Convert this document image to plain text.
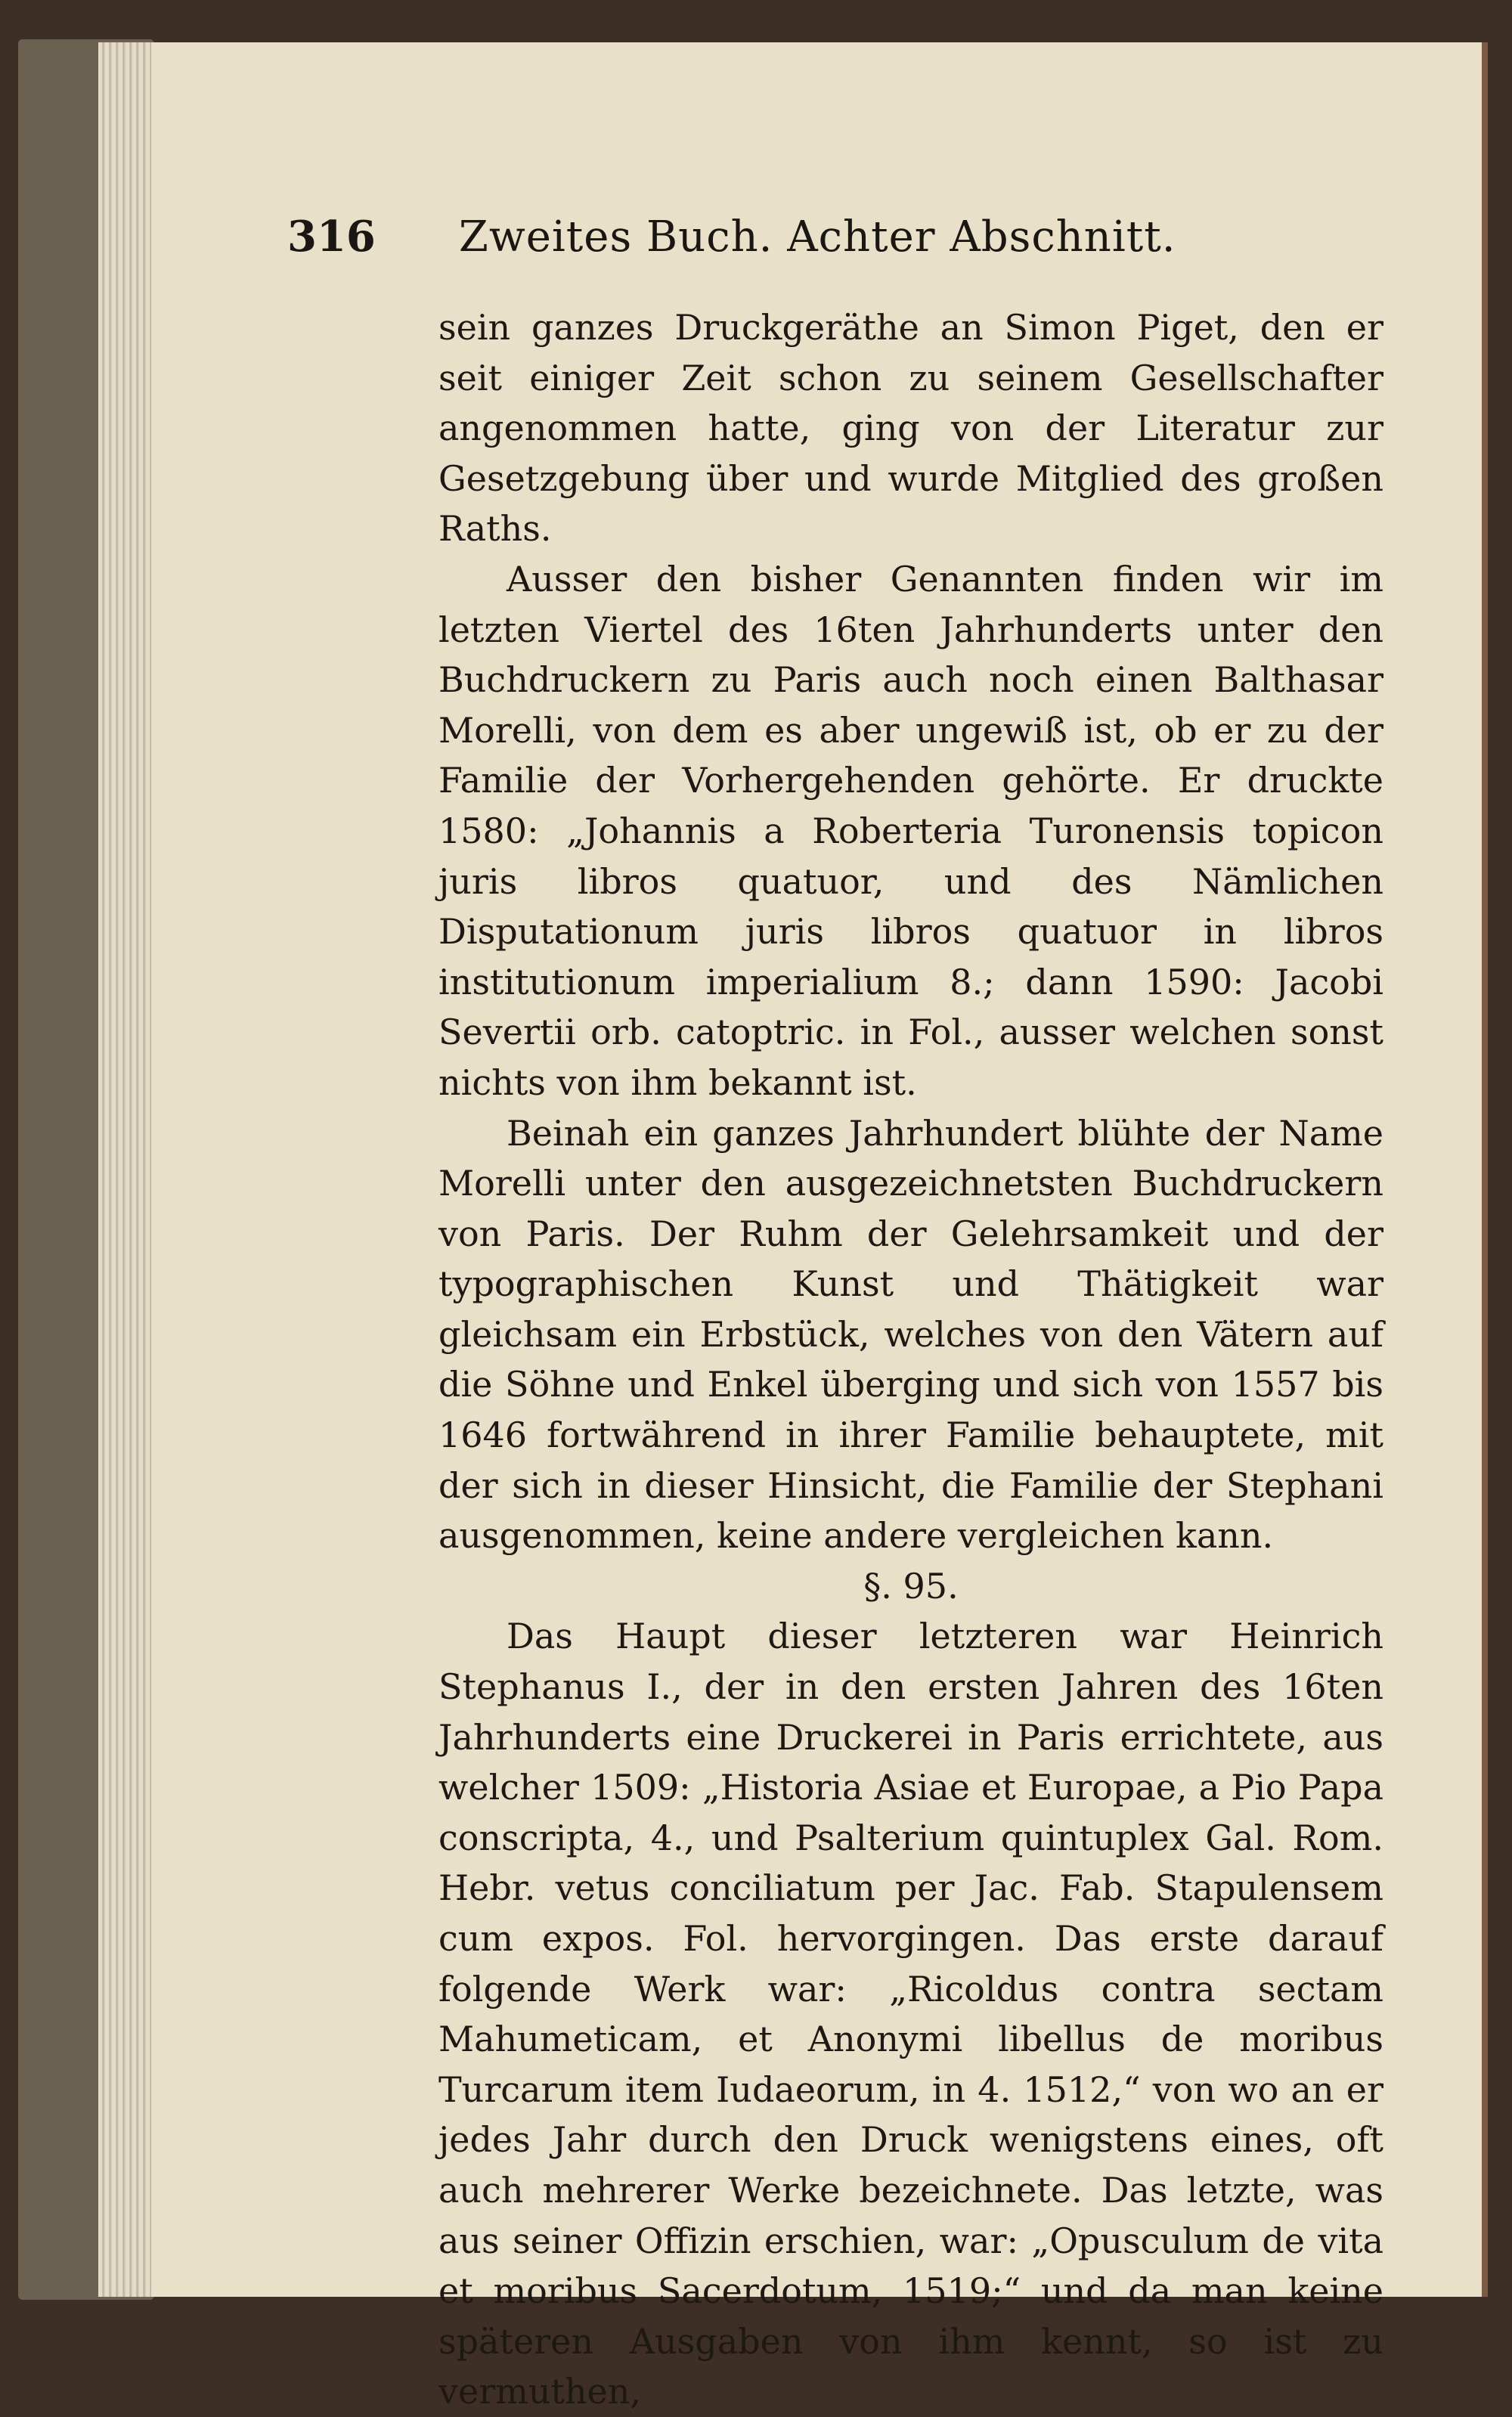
316 Zweites Buch. Achter Abschnitt.

sein ganzes Druckgeräthe an Simon Piget, den er seit einiger Zeit schon zu seinem Gesellschafter angenommen hatte, ging von der Literatur zur Gesetzgebung über und wurde Mitglied des großen Raths.

Ausser den bisher Genannten finden wir im letzten Viertel des 16ten Jahrhunderts unter den Buchdruckern zu Paris auch noch einen Balthasar Morelli, von dem es aber ungewiß ist, ob er zu der Familie der Vorhergehenden gehörte. Er druckte 1580: „Johannis a Roberteria Turonensis topicon juris libros quatuor, und des Nämlichen Disputationum juris libros quatuor in libros institutionum imperialium 8.; dann 1590: Jacobi Severtii orb. catoptric. in Fol., ausser welchen sonst nichts von ihm bekannt ist.

Beinah ein ganzes Jahrhundert blühte der Name Morelli unter den ausgezeichnetsten Buchdruckern von Paris. Der Ruhm der Gelehrsamkeit und der typographischen Kunst und Thätigkeit war gleichsam ein Erbstück, welches von den Vätern auf die Söhne und Enkel überging und sich von 1557 bis 1646 fortwährend in ihrer Familie behauptete, mit der sich in dieser Hinsicht, die Familie der Stephani ausgenommen, keine andere vergleichen kann.

§. 95.

Das Haupt dieser letzteren war Heinrich Stephanus I., der in den ersten Jahren des 16ten Jahrhunderts eine Druckerei in Paris errichtete, aus welcher 1509: „Historia Asiae et Europae, a Pio Papa conscripta, 4., und Psalterium quintuplex Gal. Rom. Hebr. vetus conciliatum per Jac. Fab. Stapulensem cum expos. Fol. hervorgingen. Das erste darauf folgende Werk war: „Ricoldus contra sectam Mahumeticam, et Anonymi libellus de moribus Turcarum item Iudaeorum, in 4. 1512,“ von wo an er jedes Jahr durch den Druck wenigstens eines, oft auch mehrerer Werke bezeichnete. Das letzte, was aus seiner Offizin erschien, war: „Opusculum de vita et moribus Sacerdotum, 1519;“ und da man keine späteren Ausgaben von ihm kennt, so ist zu vermuthen,
